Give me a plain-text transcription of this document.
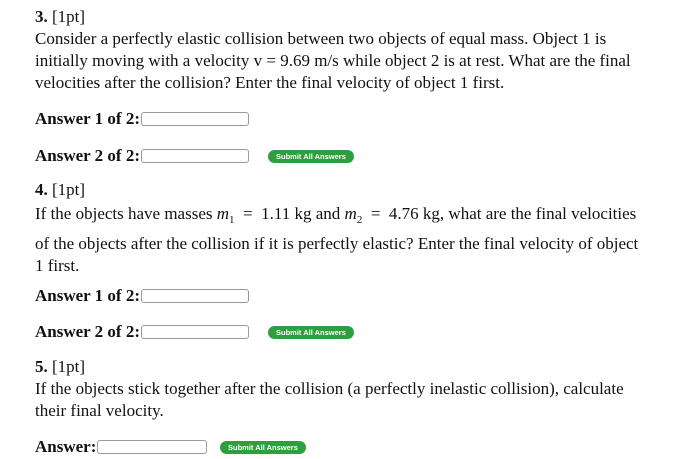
3. [1pt]

Consider a perfectly elastic collision between two objects of equal mass. Object 1 is

initially moving with a velocity v = 9.69 m/s while object 2 is at rest. What are the final

velocities after the collision? Enter the final velocity of object 1 first.

Answer 1 of 2:
Answer 2 of 2:	Submit All Answers

4. [1pt]

If the objects have masses $m_1 = 1.11$ kg and $m_2 = 4.76$ kg, what are the final velocities

of the objects after the collision if it is perfectly elastic? Enter the final velocity of object

1 first.

Answer 1 of 2:
Answer 2 of 2:	Submit All Answers

5. [1pt]

If the objects stick together after the collision (a perfectly inelastic collision), calculate

their final velocity.

Answer:	Submit All Answers
